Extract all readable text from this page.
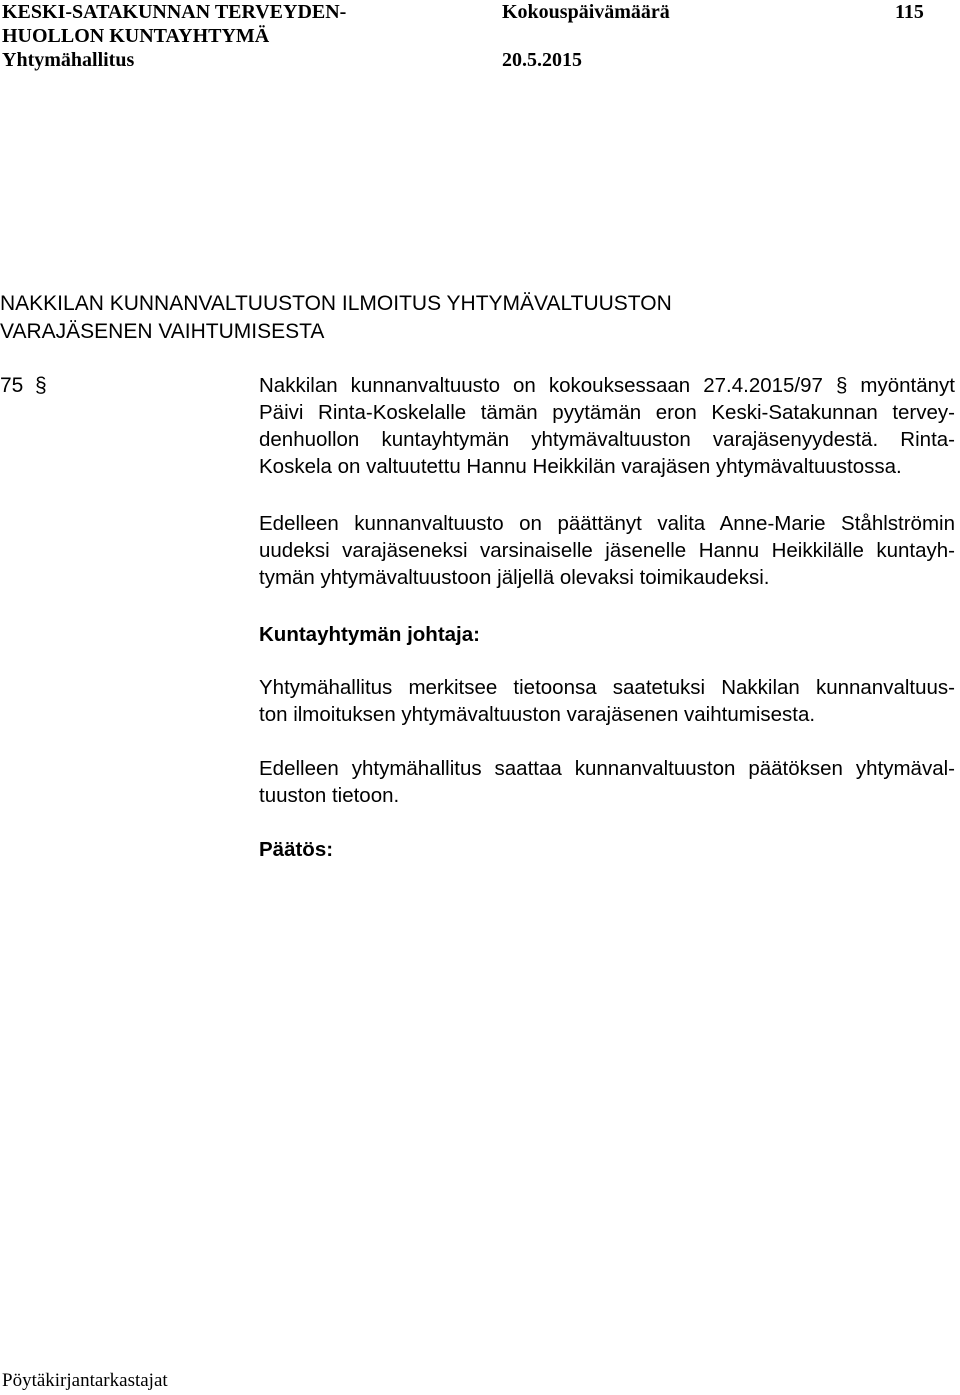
KESKI-SATAKUNNAN TERVEYDEN-
HUOLLON KUNTAYHTYMÄ
Yhtymähallitus
Kokouspäivämäärä

20.5.2015
115
NAKKILAN KUNNANVALTUUSTON ILMOITUS YHTYMÄVALTUUSTON
VARAJÄSENEN VAIHTUMISESTA
75 §	Nakkilan kunnanvaltuusto on kokouksessaan 27.4.2015/97 § myöntänyt
Päivi Rinta-Koskelalle tämän pyytämän eron Keski-Satakunnan tervey-
denhuollon kuntayhtymän yhtymävaltuuston varajäsenyydestä. Rinta-
Koskela on valtuutettu Hannu Heikkilän varajäsen yhtymävaltuustossa.
Edelleen kunnanvaltuusto on päättänyt valita Anne-Marie Ståhlströmin
uudeksi varajäseneksi varsinaiselle jäsenelle Hannu Heikkilälle kuntayh-
tymän yhtymävaltuustoon jäljellä olevaksi toimikaudeksi.
Kuntayhtymän johtaja:
Yhtymähallitus merkitsee tietoonsa saatetuksi Nakkilan kunnanvaltuus-
ton ilmoituksen yhtymävaltuuston varajäsenen vaihtumisesta.
Edelleen yhtymähallitus saattaa kunnanvaltuuston päätöksen yhtymäval-
tuuston tietoon.
Päätös:
Pöytäkirjantarkastajat
